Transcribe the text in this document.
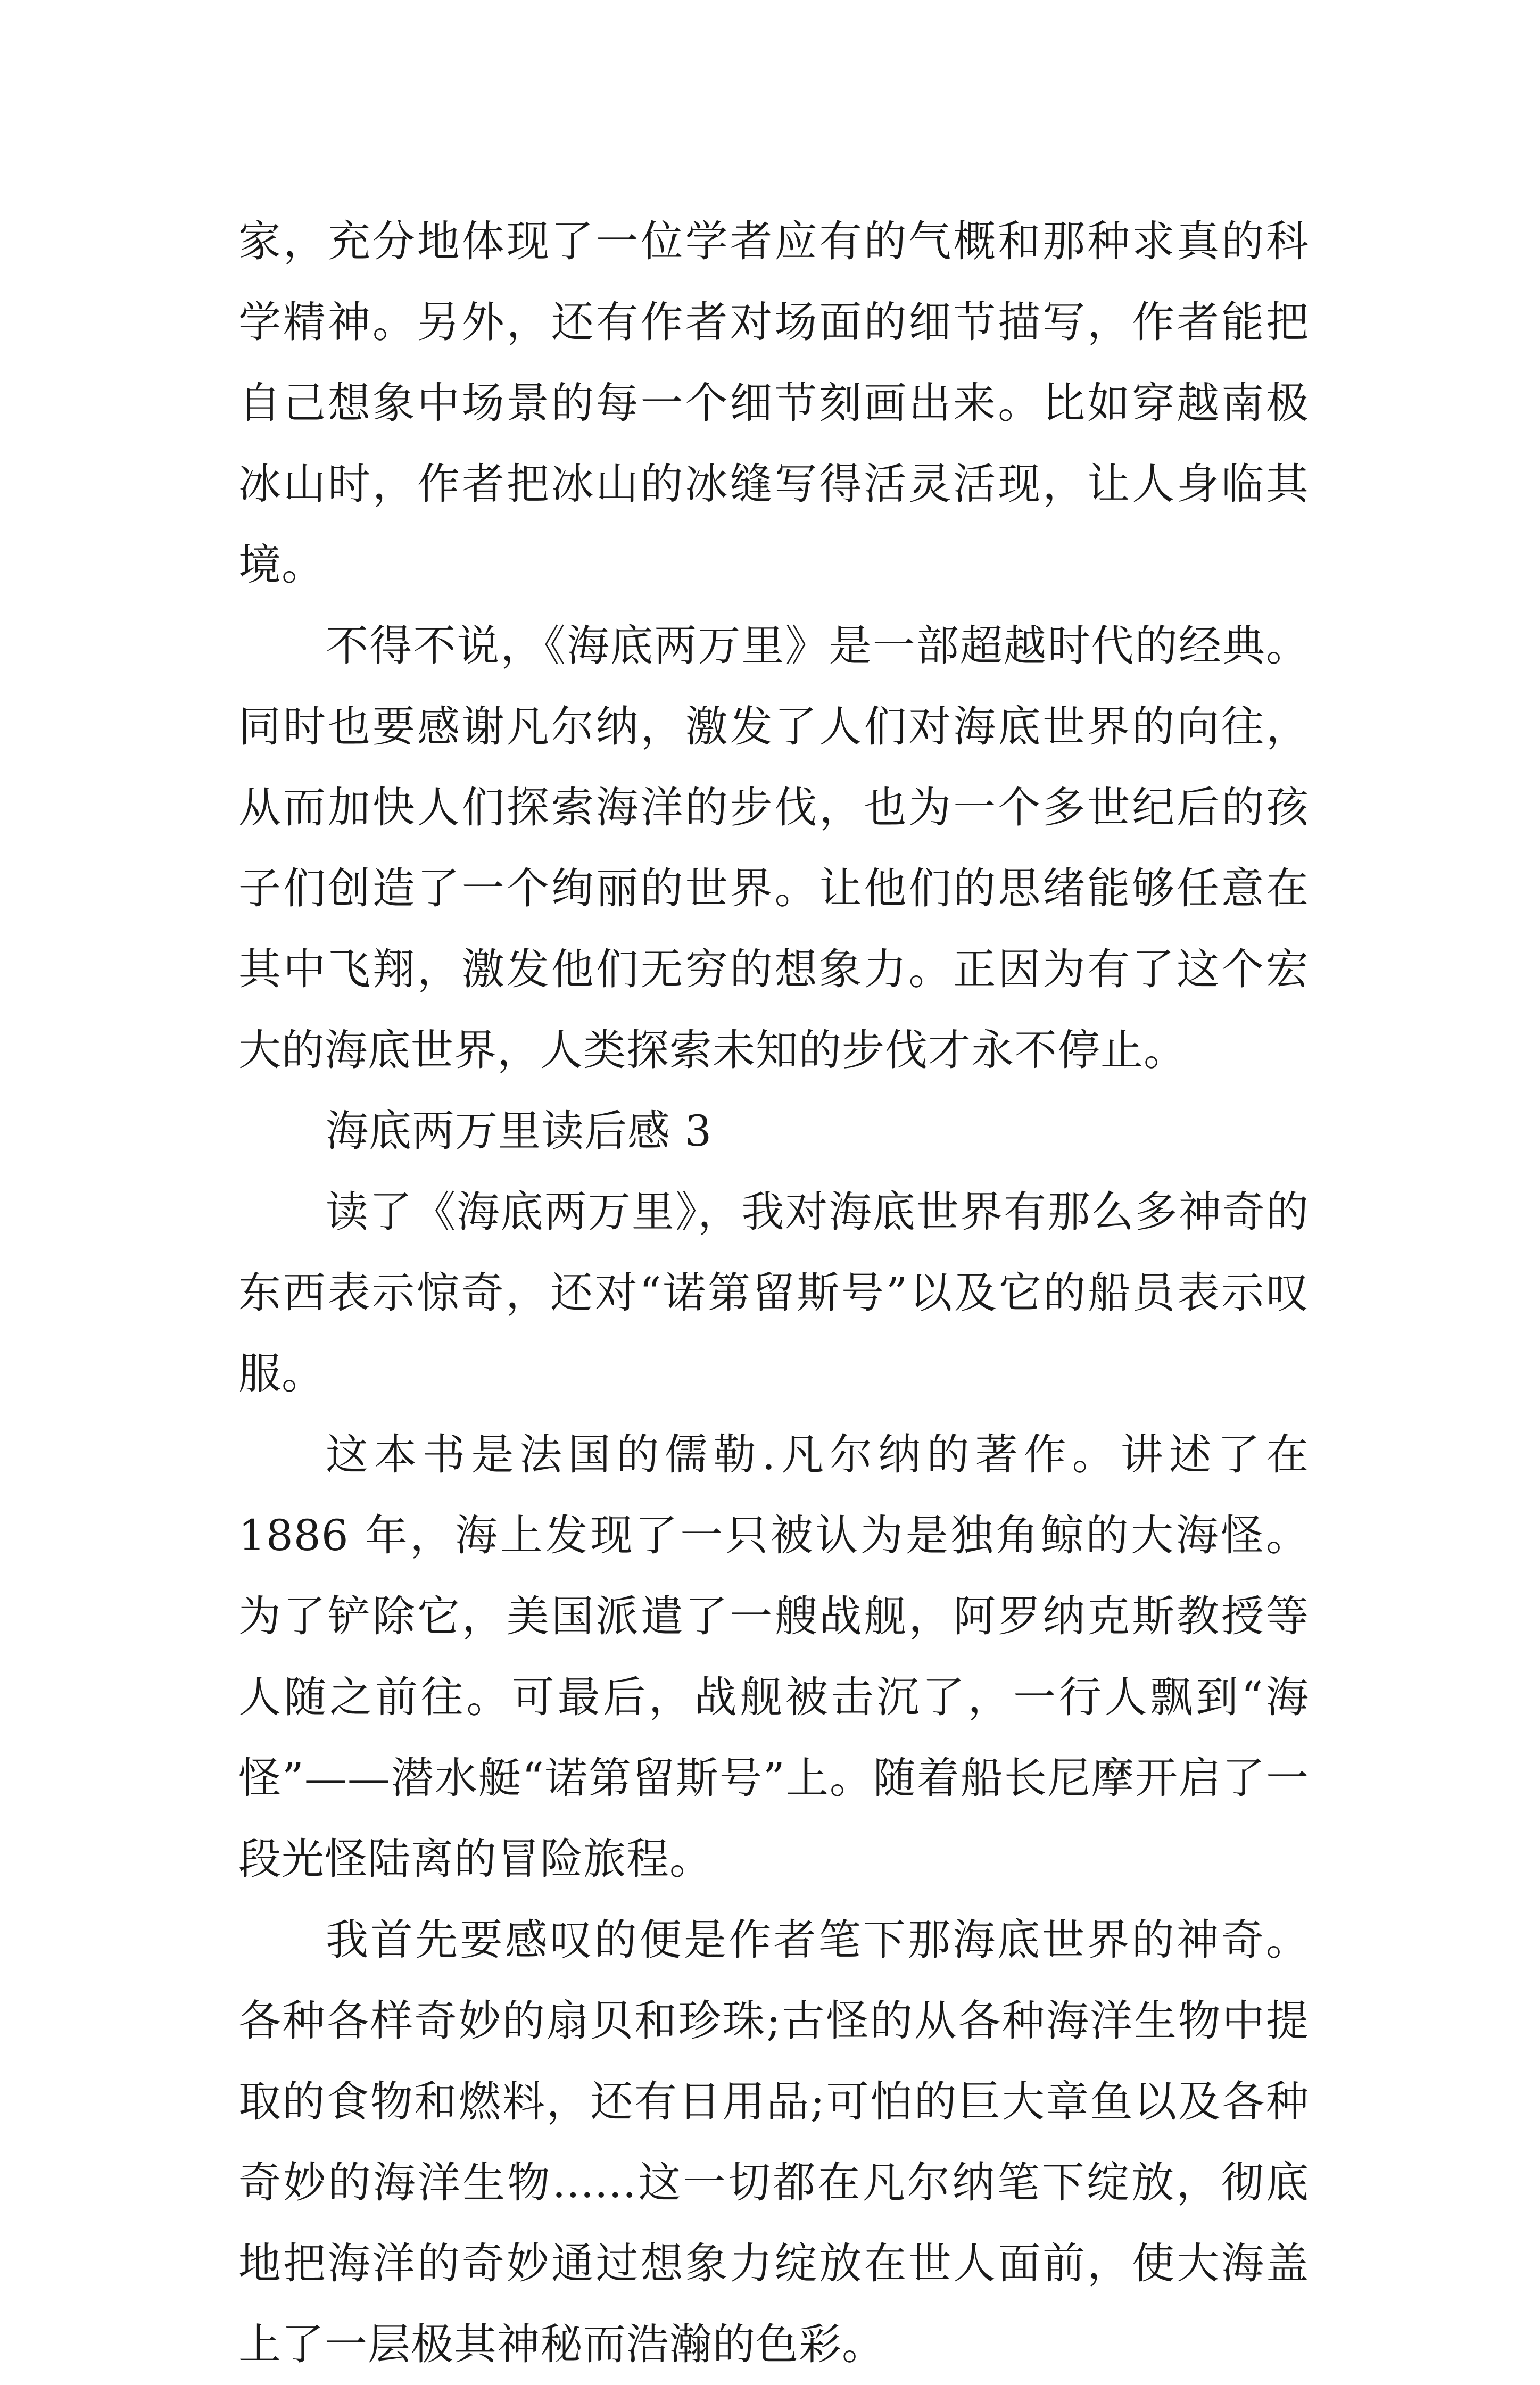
家，充分地体现了一位学者应有的气概和那种求真的科学精神。另外，还有作者对场面的细节描写，作者能把自己想象中场景的每一个细节刻画出来。比如穿越南极冰山时，作者把冰山的冰缝写得活灵活现，让人身临其境。

不得不说，《海底两万里》是一部超越时代的经典。同时也要感谢凡尔纳，激发了人们对海底世界的向往，从而加快人们探索海洋的步伐，也为一个多世纪后的孩子们创造了一个绚丽的世界。让他们的思绪能够任意在其中飞翔，激发他们无穷的想象力。正因为有了这个宏大的海底世界，人类探索未知的步伐才永不停止。

海底两万里读后感 3

读了《海底两万里》，我对海底世界有那么多神奇的东西表示惊奇，还对“诺第留斯号”以及它的船员表示叹服。

这本书是法国的儒勒.凡尔纳的著作。讲述了在 1886 年，海上发现了一只被认为是独角鲸的大海怪。为了铲除它，美国派遣了一艘战舰，阿罗纳克斯教授等人随之前往。可最后，战舰被击沉了，一行人飘到“海怪”——潜水艇“诺第留斯号”上。随着船长尼摩开启了一段光怪陆离的冒险旅程。

我首先要感叹的便是作者笔下那海底世界的神奇。各种各样奇妙的扇贝和珍珠;古怪的从各种海洋生物中提取的食物和燃料，还有日用品;可怕的巨大章鱼以及各种奇妙的海洋生物......这一切都在凡尔纳笔下绽放，彻底地把海洋的奇妙通过想象力绽放在世人面前，使大海盖上了一层极其神秘而浩瀚的色彩。
